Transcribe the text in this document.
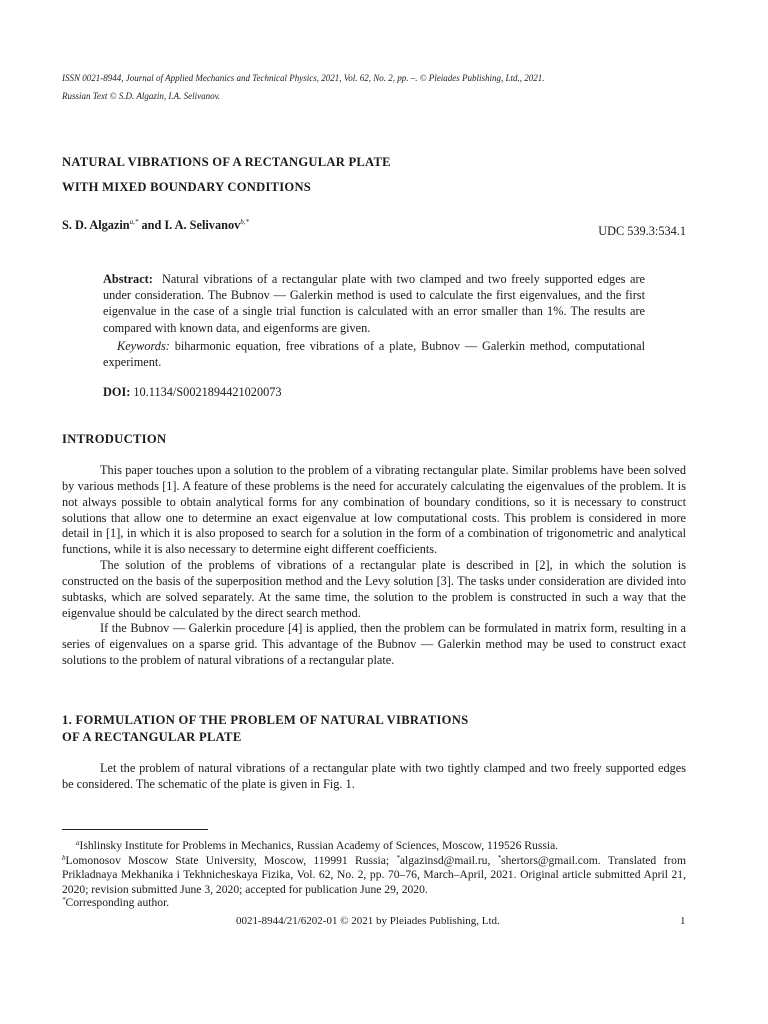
ISSN 0021-8944, Journal of Applied Mechanics and Technical Physics, 2021, Vol. 62, No. 2, pp. –. © Pleiades Publishing, Ltd., 2021.
Russian Text © S.D. Algazin, I.A. Selivanov.
NATURAL VIBRATIONS OF A RECTANGULAR PLATE
WITH MIXED BOUNDARY CONDITIONS
S. D. Algazin$^{a,*}$ and I. A. Selivanov$^{b,*}$
UDC 539.3:534.1
Abstract: Natural vibrations of a rectangular plate with two clamped and two freely supported edges are under consideration. The Bubnov — Galerkin method is used to calculate the first eigenvalues, and the first eigenvalue in the case of a single trial function is calculated with an error smaller than 1%. The results are compared with known data, and eigenforms are given.
Keywords: biharmonic equation, free vibrations of a plate, Bubnov — Galerkin method, computational experiment.
DOI: 10.1134/S0021894421020073
INTRODUCTION

This paper touches upon a solution to the problem of a vibrating rectangular plate. Similar problems have been solved by various methods [1]. A feature of these problems is the need for accurately calculating the eigenvalues of the problem. It is not always possible to obtain analytical forms for any combination of boundary conditions, so it is necessary to construct solutions that allow one to determine an exact eigenvalue at low computational costs. This problem is considered in more detail in [1], in which it is also proposed to search for a solution in the form of a combination of trigonometric and analytical functions, while it is also necessary to determine eight different coefficients.

The solution of the problems of vibrations of a rectangular plate is described in [2], in which the solution is constructed on the basis of the superposition method and the Levy solution [3]. The tasks under consideration are divided into subtasks, which are solved separately. At the same time, the solution to the problem is constructed in such a way that the eigenvalue should be calculated by the direct search method.

If the Bubnov — Galerkin procedure [4] is applied, then the problem can be formulated in matrix form, resulting in a series of eigenvalues on a sparse grid. This advantage of the Bubnov — Galerkin method may be used to construct exact solutions to the problem of natural vibrations of a rectangular plate.

1. FORMULATION OF THE PROBLEM OF NATURAL VIBRATIONS
OF A RECTANGULAR PLATE

Let the problem of natural vibrations of a rectangular plate with two tightly clamped and two freely supported edges be considered. The schematic of the plate is given in Fig. 1.

$^a$Ishlinsky Institute for Problems in Mechanics, Russian Academy of Sciences, Moscow, 119526 Russia.
$^b$Lomonosov Moscow State University, Moscow, 119991 Russia; *algazinsd@mail.ru, *shertors@gmail.com. Translated from Prikladnaya Mekhanika i Tekhnicheskaya Fizika, Vol. 62, No. 2, pp. 70–76, March–April, 2021. Original article submitted April 21, 2020; revision submitted June 3, 2020; accepted for publication June 29, 2020.
*Corresponding author.
0021-8944/21/6202-01 © 2021 by Pleiades Publishing, Ltd.	1
